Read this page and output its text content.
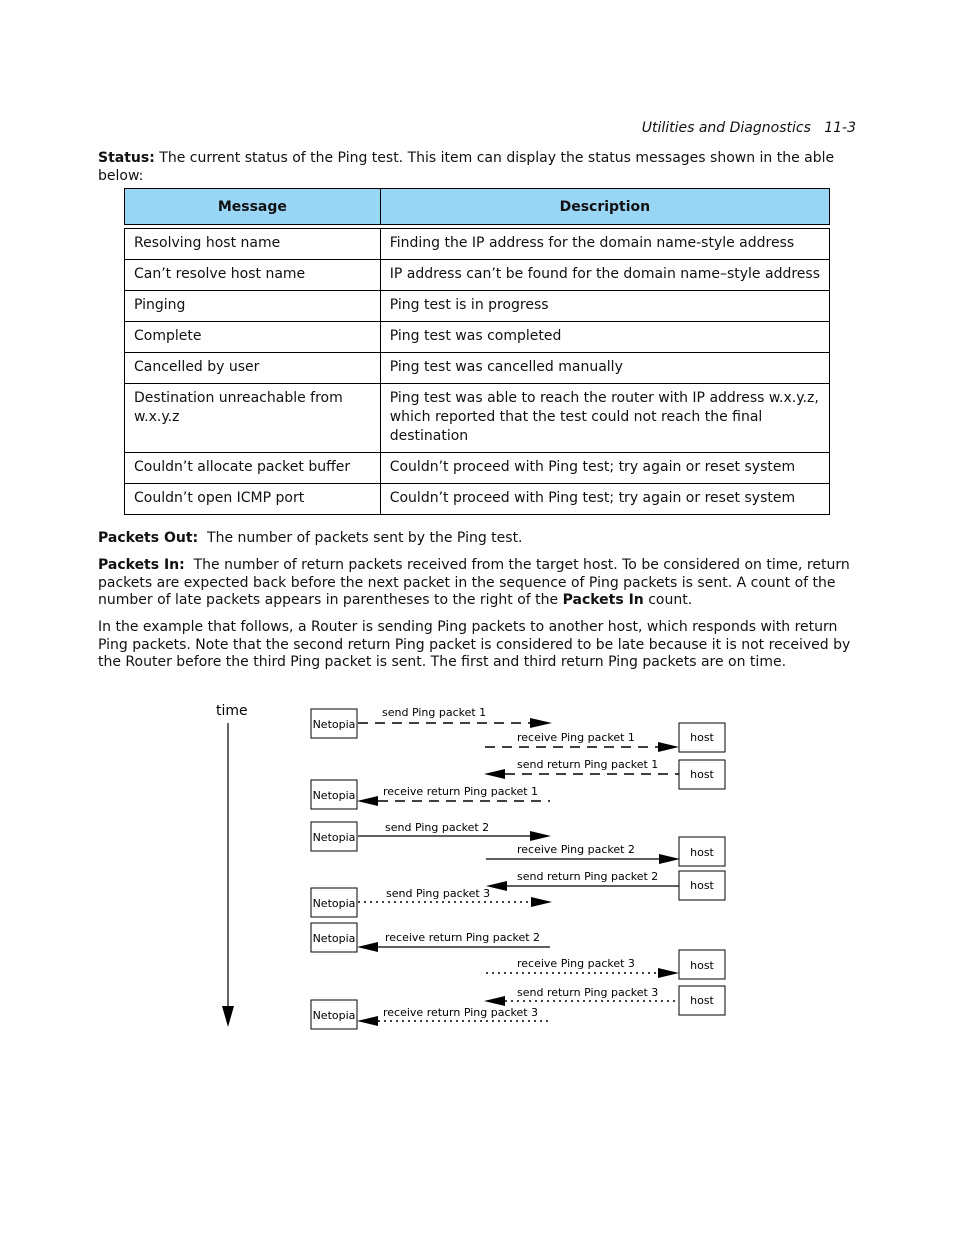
Utilities and Diagnostics   11-3

Status: The current status of the Ping test. This item can display the status messages shown in the able below:

Message	Description

Resolving host name	Finding the IP address for the domain name-style address
Can’t resolve host name	IP address can’t be found for the domain name–style address
Pinging	Ping test is in progress
Complete	Ping test was completed
Cancelled by user	Ping test was cancelled manually
Destination unreachable from w.x.y.z	Ping test was able to reach the router with IP address w.x.y.z, which reported that the test could not reach the final destination
Couldn’t allocate packet buffer	Couldn’t proceed with Ping test; try again or reset system
Couldn’t open ICMP port	Couldn’t proceed with Ping test; try again or reset system

Packets Out:  The number of packets sent by the Ping test.

Packets In:  The number of return packets received from the target host. To be considered on time, return packets are expected back before the next packet in the sequence of Ping packets is sent. A count of the number of late packets appears in parentheses to the right of the Packets In count.

In the example that follows, a Router is sending Ping packets to another host, which responds with return Ping packets. Note that the second return Ping packet is considered to be late because it is not received by the Router before the third Ping packet is sent. The first and third return Ping packets are on time.

time
Netopia
Netopia
Netopia
Netopia
Netopia
Netopia
host
host
host
host
host
host
send Ping packet 1
receive Ping packet 1
send return Ping packet 1
receive return Ping packet 1
send Ping packet 2
receive Ping packet 2
send return Ping packet 2
send Ping packet 3
receive return Ping packet 2
receive Ping packet 3
send return Ping packet 3
receive return Ping packet 3
